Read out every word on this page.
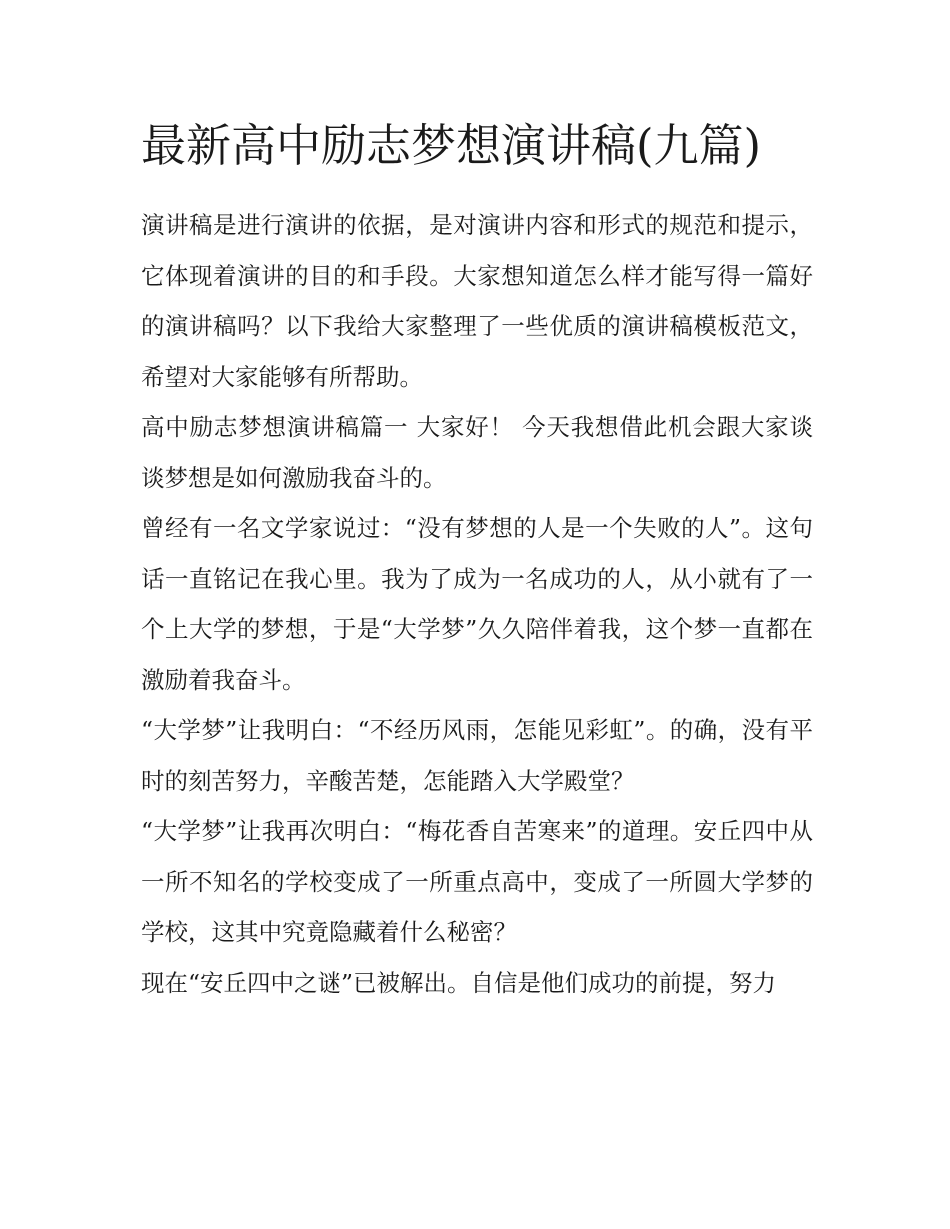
最新高中励志梦想演讲稿(九篇)

演讲稿是进行演讲的依据，是对演讲内容和形式的规范和提示，它体现着演讲的目的和手段。大家想知道怎么样才能写得一篇好的演讲稿吗？以下我给大家整理了一些优质的演讲稿模板范文，希望对大家能够有所帮助。

高中励志梦想演讲稿篇一 大家好！ 今天我想借此机会跟大家谈谈梦想是如何激励我奋斗的。

曾经有一名文学家说过：“没有梦想的人是一个失败的人”。这句话一直铭记在我心里。我为了成为一名成功的人，从小就有了一个上大学的梦想，于是“大学梦”久久陪伴着我，这个梦一直都在激励着我奋斗。

“大学梦”让我明白：“不经历风雨，怎能见彩虹”。的确，没有平时的刻苦努力，辛酸苦楚，怎能踏入大学殿堂？

“大学梦”让我再次明白：“梅花香自苦寒来”的道理。安丘四中从一所不知名的学校变成了一所重点高中，变成了一所圆大学梦的学校，这其中究竟隐藏着什么秘密？

现在“安丘四中之谜”已被解出。自信是他们成功的前提，努力
